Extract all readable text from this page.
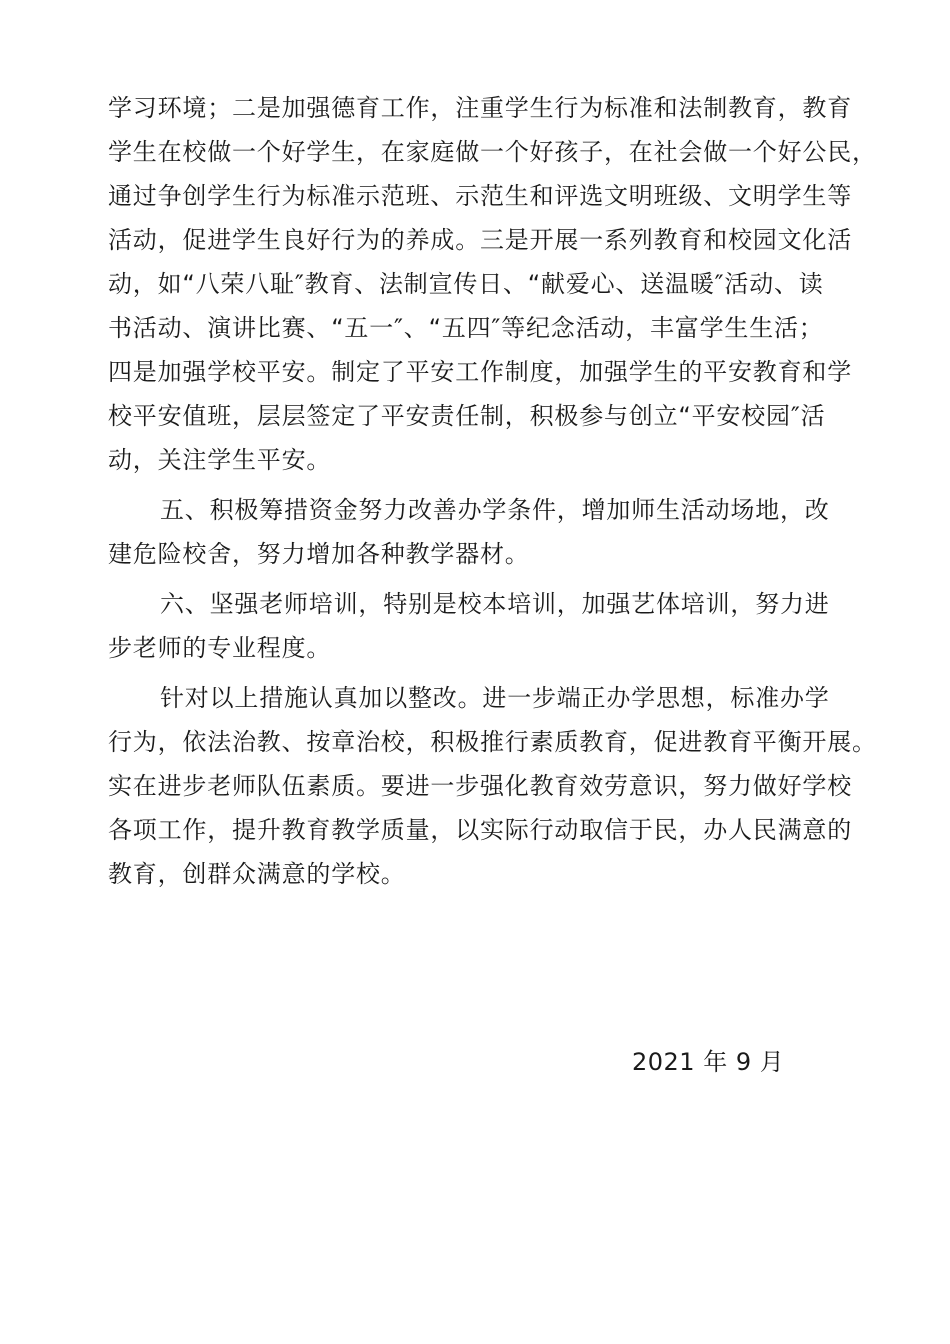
学习环境；二是加强德育工作，注重学生行为标准和法制教育，教育
学生在校做一个好学生，在家庭做一个好孩子，在社会做一个好公民，
通过争创学生行为标准示范班、示范生和评选文明班级、文明学生等
活动，促进学生良好行为的养成。三是开展一系列教育和校园文化活
动，如“八荣八耻″教育、法制宣传日、“献爱心、送温暖″活动、读
书活动、演讲比赛、“五一″、“五四″等纪念活动，丰富学生生活；
四是加强学校平安。制定了平安工作制度，加强学生的平安教育和学
校平安值班，层层签定了平安责任制，积极参与创立“平安校园″活
动，关注学生平安。

五、积极筹措资金努力改善办学条件，增加师生活动场地，改
建危险校舍，努力增加各种教学器材。

六、坚强老师培训，特别是校本培训，加强艺体培训，努力进
步老师的专业程度。

针对以上措施认真加以整改。进一步端正办学思想，标准办学
行为，依法治教、按章治校，积极推行素质教育，促进教育平衡开展。
实在进步老师队伍素质。要进一步强化教育效劳意识，努力做好学校
各项工作，提升教育教学质量，以实际行动取信于民，办人民满意的
教育，创群众满意的学校。

2021 年 9 月
